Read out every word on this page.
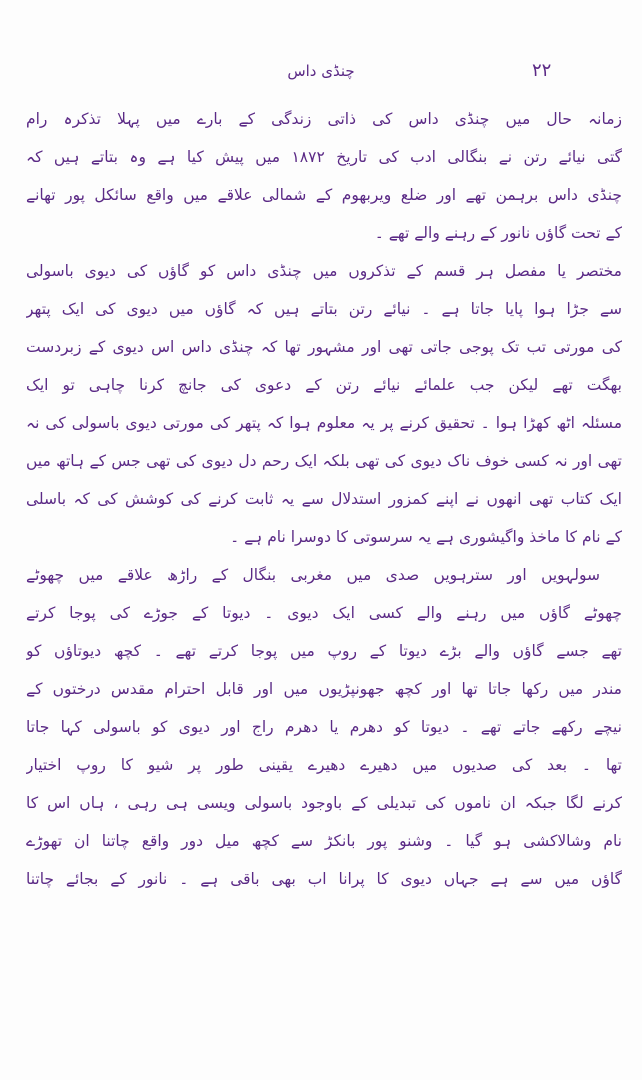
۲۲
چنڈی داس
زمانہ حال میں چنڈی داس کی ذاتی زندگی کے بارے میں پہلا تذکرہ رام
گتی نیائے رتن نے بنگالی ادب کی تاریخ ۱۸۷۲ میں پیش کیا ہے وہ بتاتے ہیں کہ
چنڈی داس برہمن تھے اور ضلع ویربھوم کے شمالی علاقے میں واقع سائکل پور تھانے
کے تحت گاؤں نانور کے رہنے والے تھے ۔
مختصر یا مفصل ہر قسم کے تذکروں میں چنڈی داس کو گاؤں کی دیوی باسولی
سے جڑا ہوا پایا جاتا ہے ۔ نیائے رتن بتاتے ہیں کہ گاؤں میں دیوی کی ایک پتھر
کی مورتی تب تک پوجی جاتی تھی اور مشہور تھا کہ چنڈی داس اس دیوی کے زبردست
بھگت تھے لیکن جب علمائے نیائے رتن کے دعوی کی جانچ کرنا چاہی تو ایک
مسئلہ اٹھ کھڑا ہوا ۔ تحقیق کرنے پر یہ معلوم ہوا کہ پتھر کی مورتی دیوی باسولی کی نہ
تھی اور نہ کسی خوف ناک دیوی کی تھی بلکہ ایک رحم دل دیوی کی تھی جس کے ہاتھ میں
ایک کتاب تھی انھوں نے اپنے کمزور استدلال سے یہ ثابت کرنے کی کوشش کی کہ باسلی
کے نام کا ماخذ واگیشوری ہے یہ سرسوتی کا دوسرا نام ہے ۔
سولہویں اور سترہویں صدی میں مغربی بنگال کے راڑھ علاقے میں چھوٹے
چھوٹے گاؤں میں رہنے والے کسی ایک دیوی ۔ دیوتا کے جوڑے کی پوجا کرتے
تھے جسے گاؤں والے بڑے دیوتا کے روپ میں پوجا کرتے تھے ۔ کچھ دیوتاؤں کو
مندر میں رکھا جاتا تھا اور کچھ جھونپڑیوں میں اور قابل احترام مقدس درختوں کے
نیچے رکھے جاتے تھے ۔ دیوتا کو دھرم یا دھرم راج اور دیوی کو باسولی کہا جاتا
تھا ۔ بعد کی صدیوں میں دھیرے دھیرے یقینی طور پر شیو کا روپ اختیار
کرنے لگا جبکہ ان ناموں کی تبدیلی کے باوجود باسولی ویسی ہی رہی ، ہاں اس کا
نام وشالاکشی ہو گیا ۔ وشنو پور بانکڑ سے کچھ میل دور واقع چاتنا ان تھوڑے
گاؤں میں سے ہے جہاں دیوی کا پرانا اب بھی باقی ہے ۔ نانور کے بجائے چاتنا
